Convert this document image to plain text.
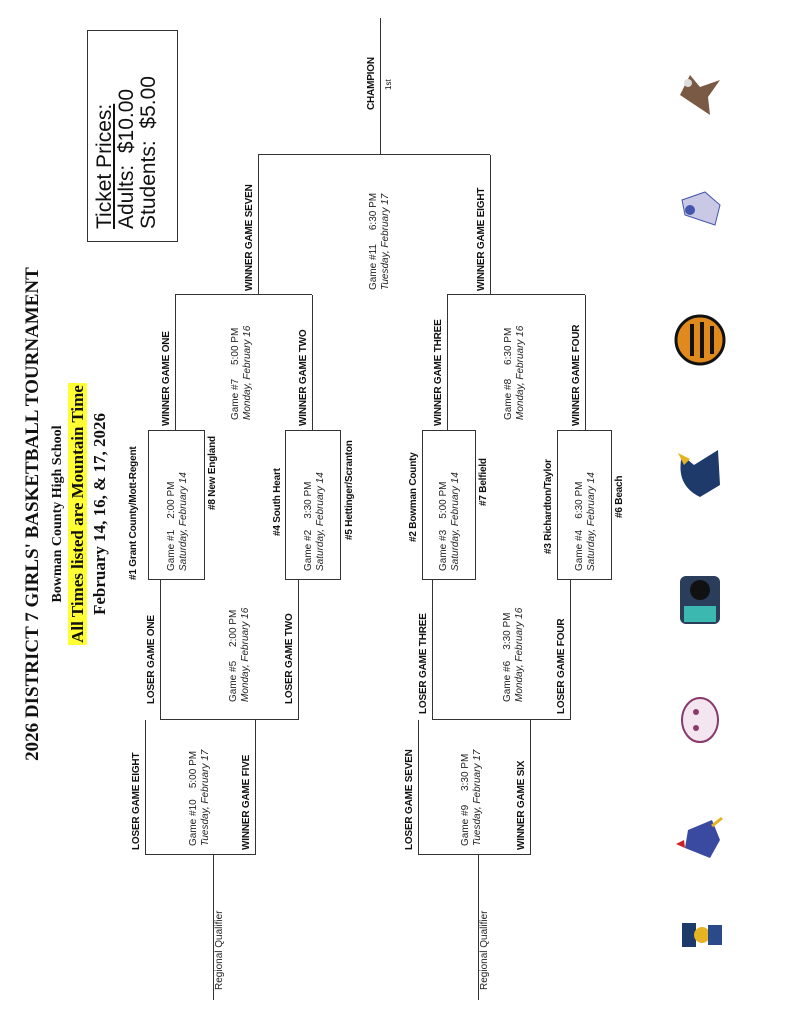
2026 DISTRICT 7 GIRLS' BASKETBALL TOURNAMENT Bowman County High School All Times listed are Mountain Time February 14, 16, & 17, 2026
Ticket Prices: Adults:  $10.00 Students:  $5.00
#1 Grant County/Mott-Regent	Game #1    2:00 PM
Saturday, February 14 #8 New England	#4 South Heart
Game #2    3:30 PM
Saturday, February 14 #5 Hettinger/Scranton	#2 Bowman County
Game #3    5:00 PM
Saturday, February 14 #7 Belfield	#3 Richardton/Taylor	Game #4    6:30 PM
Saturday, February 14 #6 Beach
WINNER GAME ONE	WINNER GAME TWO
Game #7     5:00 PM
Monday, February 16	WINNER GAME THREE	WINNER GAME FOUR
Game #8     6:30 PM
Monday, February 16
WINNER GAME SEVEN	WINNER GAME EIGHT
Game #11     6:30 PM
Tuesday, February 17
CHAMPION 1st
LOSER GAME ONE	LOSER GAME TWO
Game #5     2:00 PM
Monday, February 16	LOSER GAME THREE	LOSER GAME FOUR
Game #6    3:30 PM
Monday, February 16
LOSER GAME EIGHT	WINNER GAME FIVE
Game #10    5:00 PM
Tuesday, February 17
Regional Qualifier
LOSER GAME SEVEN	WINNER GAME SIX
Game #9     3:30 PM
Tuesday, February 17
Regional Qualifier
